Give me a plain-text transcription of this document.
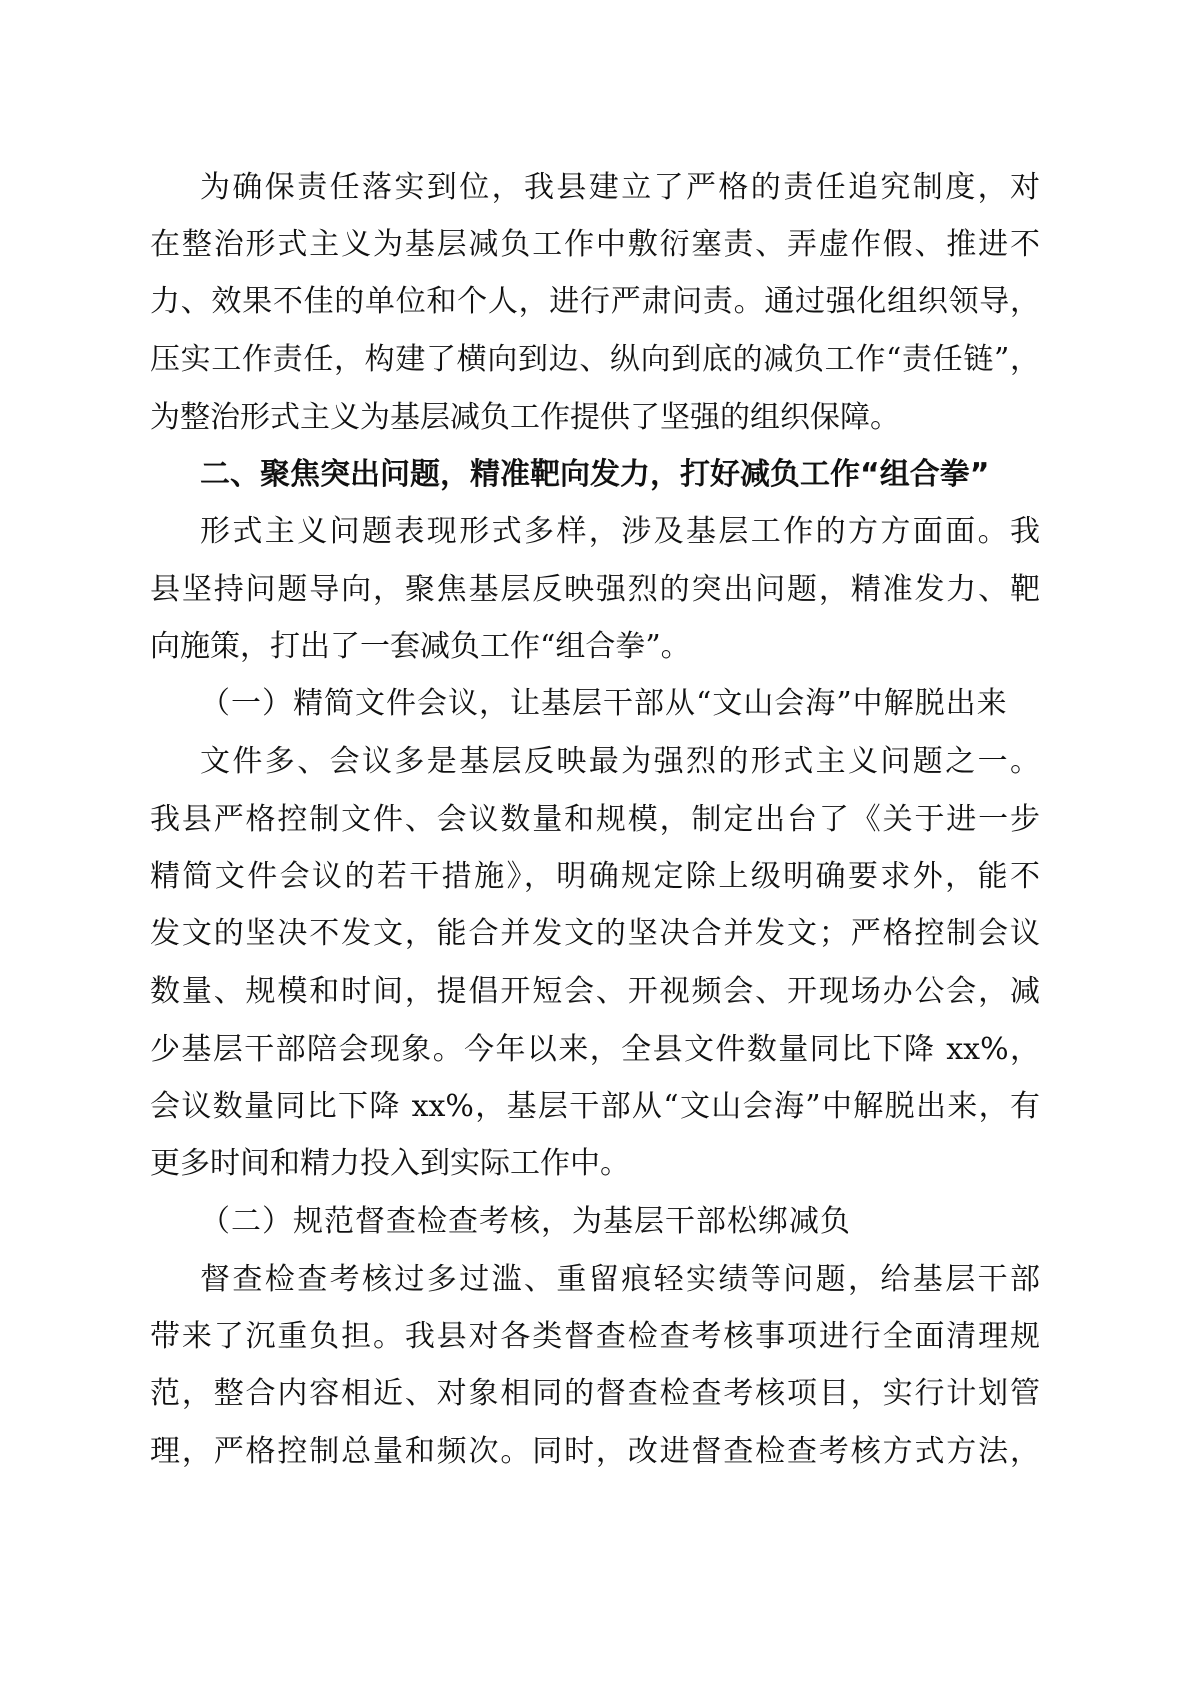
为确保责任落实到位，我县建立了严格的责任追究制度，对
在整治形式主义为基层减负工作中敷衍塞责、弄虚作假、推进不
力、效果不佳的单位和个人，进行严肃问责。通过强化组织领导，
压实工作责任，构建了横向到边、纵向到底的减负工作“责任链”，
为整治形式主义为基层减负工作提供了坚强的组织保障。
二、聚焦突出问题，精准靶向发力，打好减负工作“组合拳”
形式主义问题表现形式多样，涉及基层工作的方方面面。我
县坚持问题导向，聚焦基层反映强烈的突出问题，精准发力、靶
向施策，打出了一套减负工作“组合拳”。
（一）精简文件会议，让基层干部从“文山会海”中解脱出来
文件多、会议多是基层反映最为强烈的形式主义问题之一。
我县严格控制文件、会议数量和规模，制定出台了《关于进一步
精简文件会议的若干措施》，明确规定除上级明确要求外，能不
发文的坚决不发文，能合并发文的坚决合并发文；严格控制会议
数量、规模和时间，提倡开短会、开视频会、开现场办公会，减
少基层干部陪会现象。今年以来，全县文件数量同比下降 xx%，
会议数量同比下降 xx%，基层干部从“文山会海”中解脱出来，有
更多时间和精力投入到实际工作中。
（二）规范督查检查考核，为基层干部松绑减负
督查检查考核过多过滥、重留痕轻实绩等问题，给基层干部
带来了沉重负担。我县对各类督查检查考核事项进行全面清理规
范，整合内容相近、对象相同的督查检查考核项目，实行计划管
理，严格控制总量和频次。同时，改进督查检查考核方式方法，
